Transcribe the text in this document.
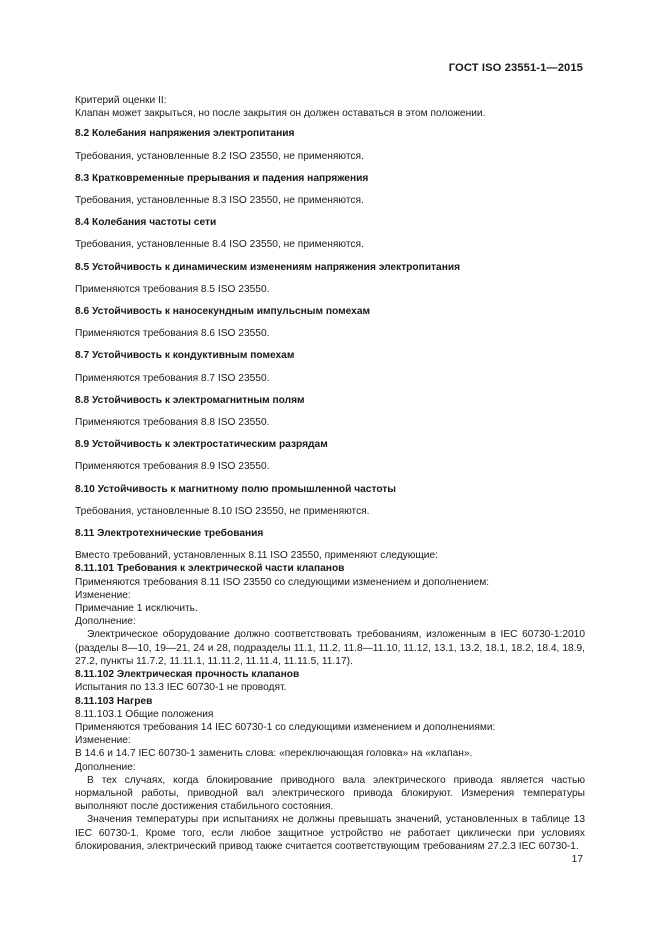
ГОСТ ISO 23551-1—2015

Критерий оценки II:

Клапан может закрыться, но после закрытия он должен оставаться в этом положении.

8.2 Колебания напряжения электропитания

Требования, установленные 8.2 ISO 23550, не применяются.

8.3 Кратковременные прерывания и падения напряжения

Требования, установленные 8.3 ISO 23550, не применяются.

8.4 Колебания частоты сети

Требования, установленные 8.4 ISO 23550, не применяются.

8.5 Устойчивость к динамическим изменениям напряжения электропитания

Применяются требования 8.5 ISO 23550.

8.6 Устойчивость к наносекундным импульсным помехам

Применяются требования 8.6 ISO 23550.

8.7 Устойчивость к кондуктивным помехам

Применяются требования 8.7 ISO 23550.

8.8 Устойчивость к электромагнитным полям

Применяются требования 8.8 ISO 23550.

8.9 Устойчивость к электростатическим разрядам

Применяются требования 8.9 ISO 23550.

8.10 Устойчивость к магнитному полю промышленной частоты

Требования, установленные 8.10 ISO 23550, не применяются.

8.11 Электротехнические требования

Вместо требований, установленных 8.11 ISO 23550, применяют следующие:

8.11.101 Требования к электрической части клапанов

Применяются требования 8.11 ISO 23550 со следующими изменением и дополнением:

Изменение:

Примечание 1 исключить.

Дополнение:

Электрическое оборудование должно соответствовать требованиям, изложенным в IEC 60730-1:2010 (разделы 8—10, 19—21, 24 и 28, подразделы 11.1, 11.2, 11.8—11.10, 11.12, 13.1, 13.2, 18.1, 18.2, 18.4, 18.9, 27.2, пункты 11.7.2, 11.11.1, 11.11.2, 11.11.4, 11.11.5, 11.17).

8.11.102 Электрическая прочность клапанов

Испытания по 13.3 IEC 60730-1 не проводят.

8.11.103 Нагрев

8.11.103.1 Общие положения

Применяются требования 14 IEC 60730-1 со следующими изменением и дополнениями:

Изменение:

В 14.6 и 14.7 IEC 60730-1 заменить слова: «переключающая головка» на «клапан».

Дополнение:

В тех случаях, когда блокирование приводного вала электрического привода является частью нормальной работы, приводной вал электрического привода блокируют. Измерения температуры выполняют после достижения стабильного состояния.

Значения температуры при испытаниях не должны превышать значений, установленных в таблице 13 IEC 60730-1. Кроме того, если любое защитное устройство не работает циклически при условиях блокирования, электрический привод также считается соответствующим требованиям 27.2.3 IEC 60730-1.

17
